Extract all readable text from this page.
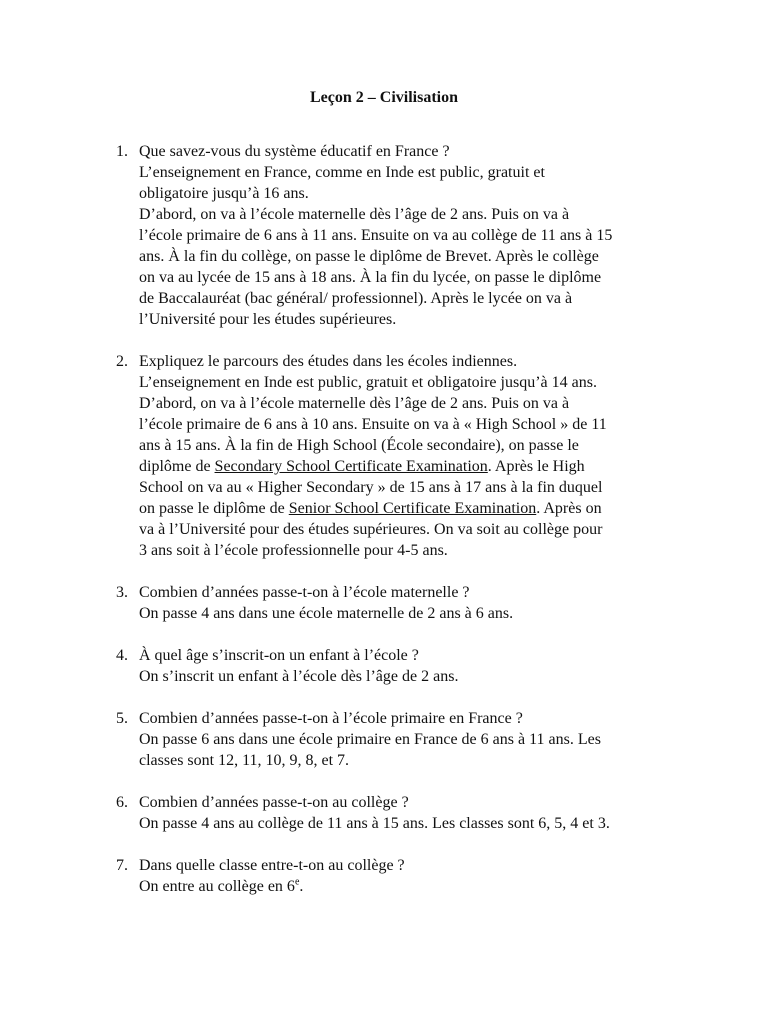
Leçon 2 – Civilisation
1. Que savez-vous du système éducatif en France ?
L’enseignement en France, comme en Inde est public, gratuit et
obligatoire jusqu’à 16 ans.
D’abord, on va à l’école maternelle dès l’âge de 2 ans. Puis on va à
l’école primaire de 6 ans à 11 ans. Ensuite on va au collège de 11 ans à 15
ans. À la fin du collège, on passe le diplôme de Brevet. Après le collège
on va au lycée de 15 ans à 18 ans. À la fin du lycée, on passe le diplôme
de Baccalauréat (bac général/ professionnel). Après le lycée on va à
l’Université pour les études supérieures.
2. Expliquez le parcours des études dans les écoles indiennes.
L’enseignement en Inde est public, gratuit et obligatoire jusqu’à 14 ans.
D’abord, on va à l’école maternelle dès l’âge de 2 ans. Puis on va à
l’école primaire de 6 ans à 10 ans. Ensuite on va à « High School » de 11
ans à 15 ans. À la fin de High School (École secondaire), on passe le
diplôme de Secondary School Certificate Examination. Après le High
School on va au « Higher Secondary » de 15 ans à 17 ans à la fin duquel
on passe le diplôme de Senior School Certificate Examination. Après on
va à l’Université pour des études supérieures. On va soit au collège pour
3 ans soit à l’école professionnelle pour 4-5 ans.
3. Combien d’années passe-t-on à l’école maternelle ?
On passe 4 ans dans une école maternelle de 2 ans à 6 ans.
4. À quel âge s’inscrit-on un enfant à l’école ?
On s’inscrit un enfant à l’école dès l’âge de 2 ans.
5. Combien d’années passe-t-on à l’école primaire en France ?
On passe 6 ans dans une école primaire en France de 6 ans à 11 ans. Les
classes sont 12, 11, 10, 9, 8, et 7.
6. Combien d’années passe-t-on au collège ?
On passe 4 ans au collège de 11 ans à 15 ans. Les classes sont 6, 5, 4 et 3.
7. Dans quelle classe entre-t-on au collège ?
On entre au collège en 6e.
